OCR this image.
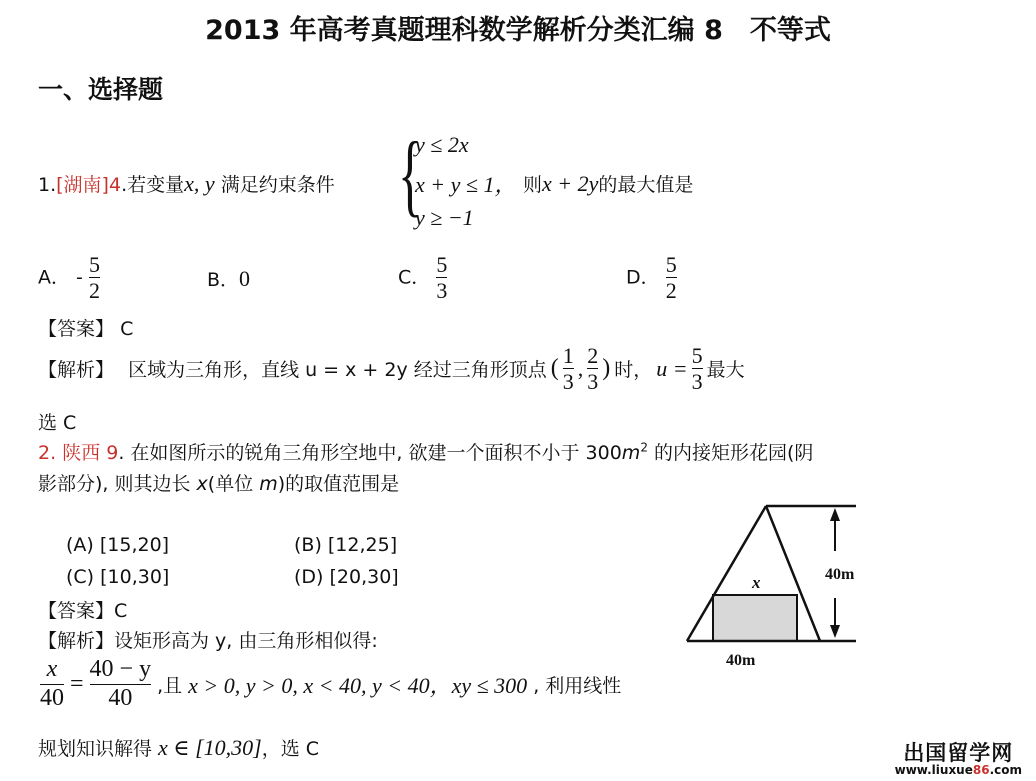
2013 年高考真题理科数学解析分类汇编 8　不等式
一、选择题
1.[湖南]4.若变量x, y 满足约束条件 {
y ≤ 2x
x + y ≤ 1，
y ≥ −1
则x + 2y的最大值是
A． - $\frac{5}{2}$	B．0	C． $\frac{5}{3}$	D． $\frac{5}{2}$
【答案】 C
【解析】
区域为三角形，直线 u = x + 2y 经过三角形顶点 ( $\frac{1}{3}$ , $\frac{2}{3}$ ) 时， $u = \frac{5}{3}$ 最大
选 C
2. 陕西 9. 在如图所示的锐角三角形空地中, 欲建一个面积不小于 $300m^2$ 的内接矩形花园(阴
影部分), 则其边长 x(单位 m)的取值范围是
(A) [15,20]	(B) [12,25]
(C) [10,30]	(D) [20,30]
【答案】C
【解析】设矩形高为 y, 由三角形相似得:
$\frac{x}{40} = \frac{40 - y}{40}$ ,且 x > 0, y > 0, x < 40, y < 40，xy ≤ 300 , 利用线性
规划知识解得 x ∈ [10,30]，选 C
x	40m
40m
出国留学网
www.liuxue86.com
